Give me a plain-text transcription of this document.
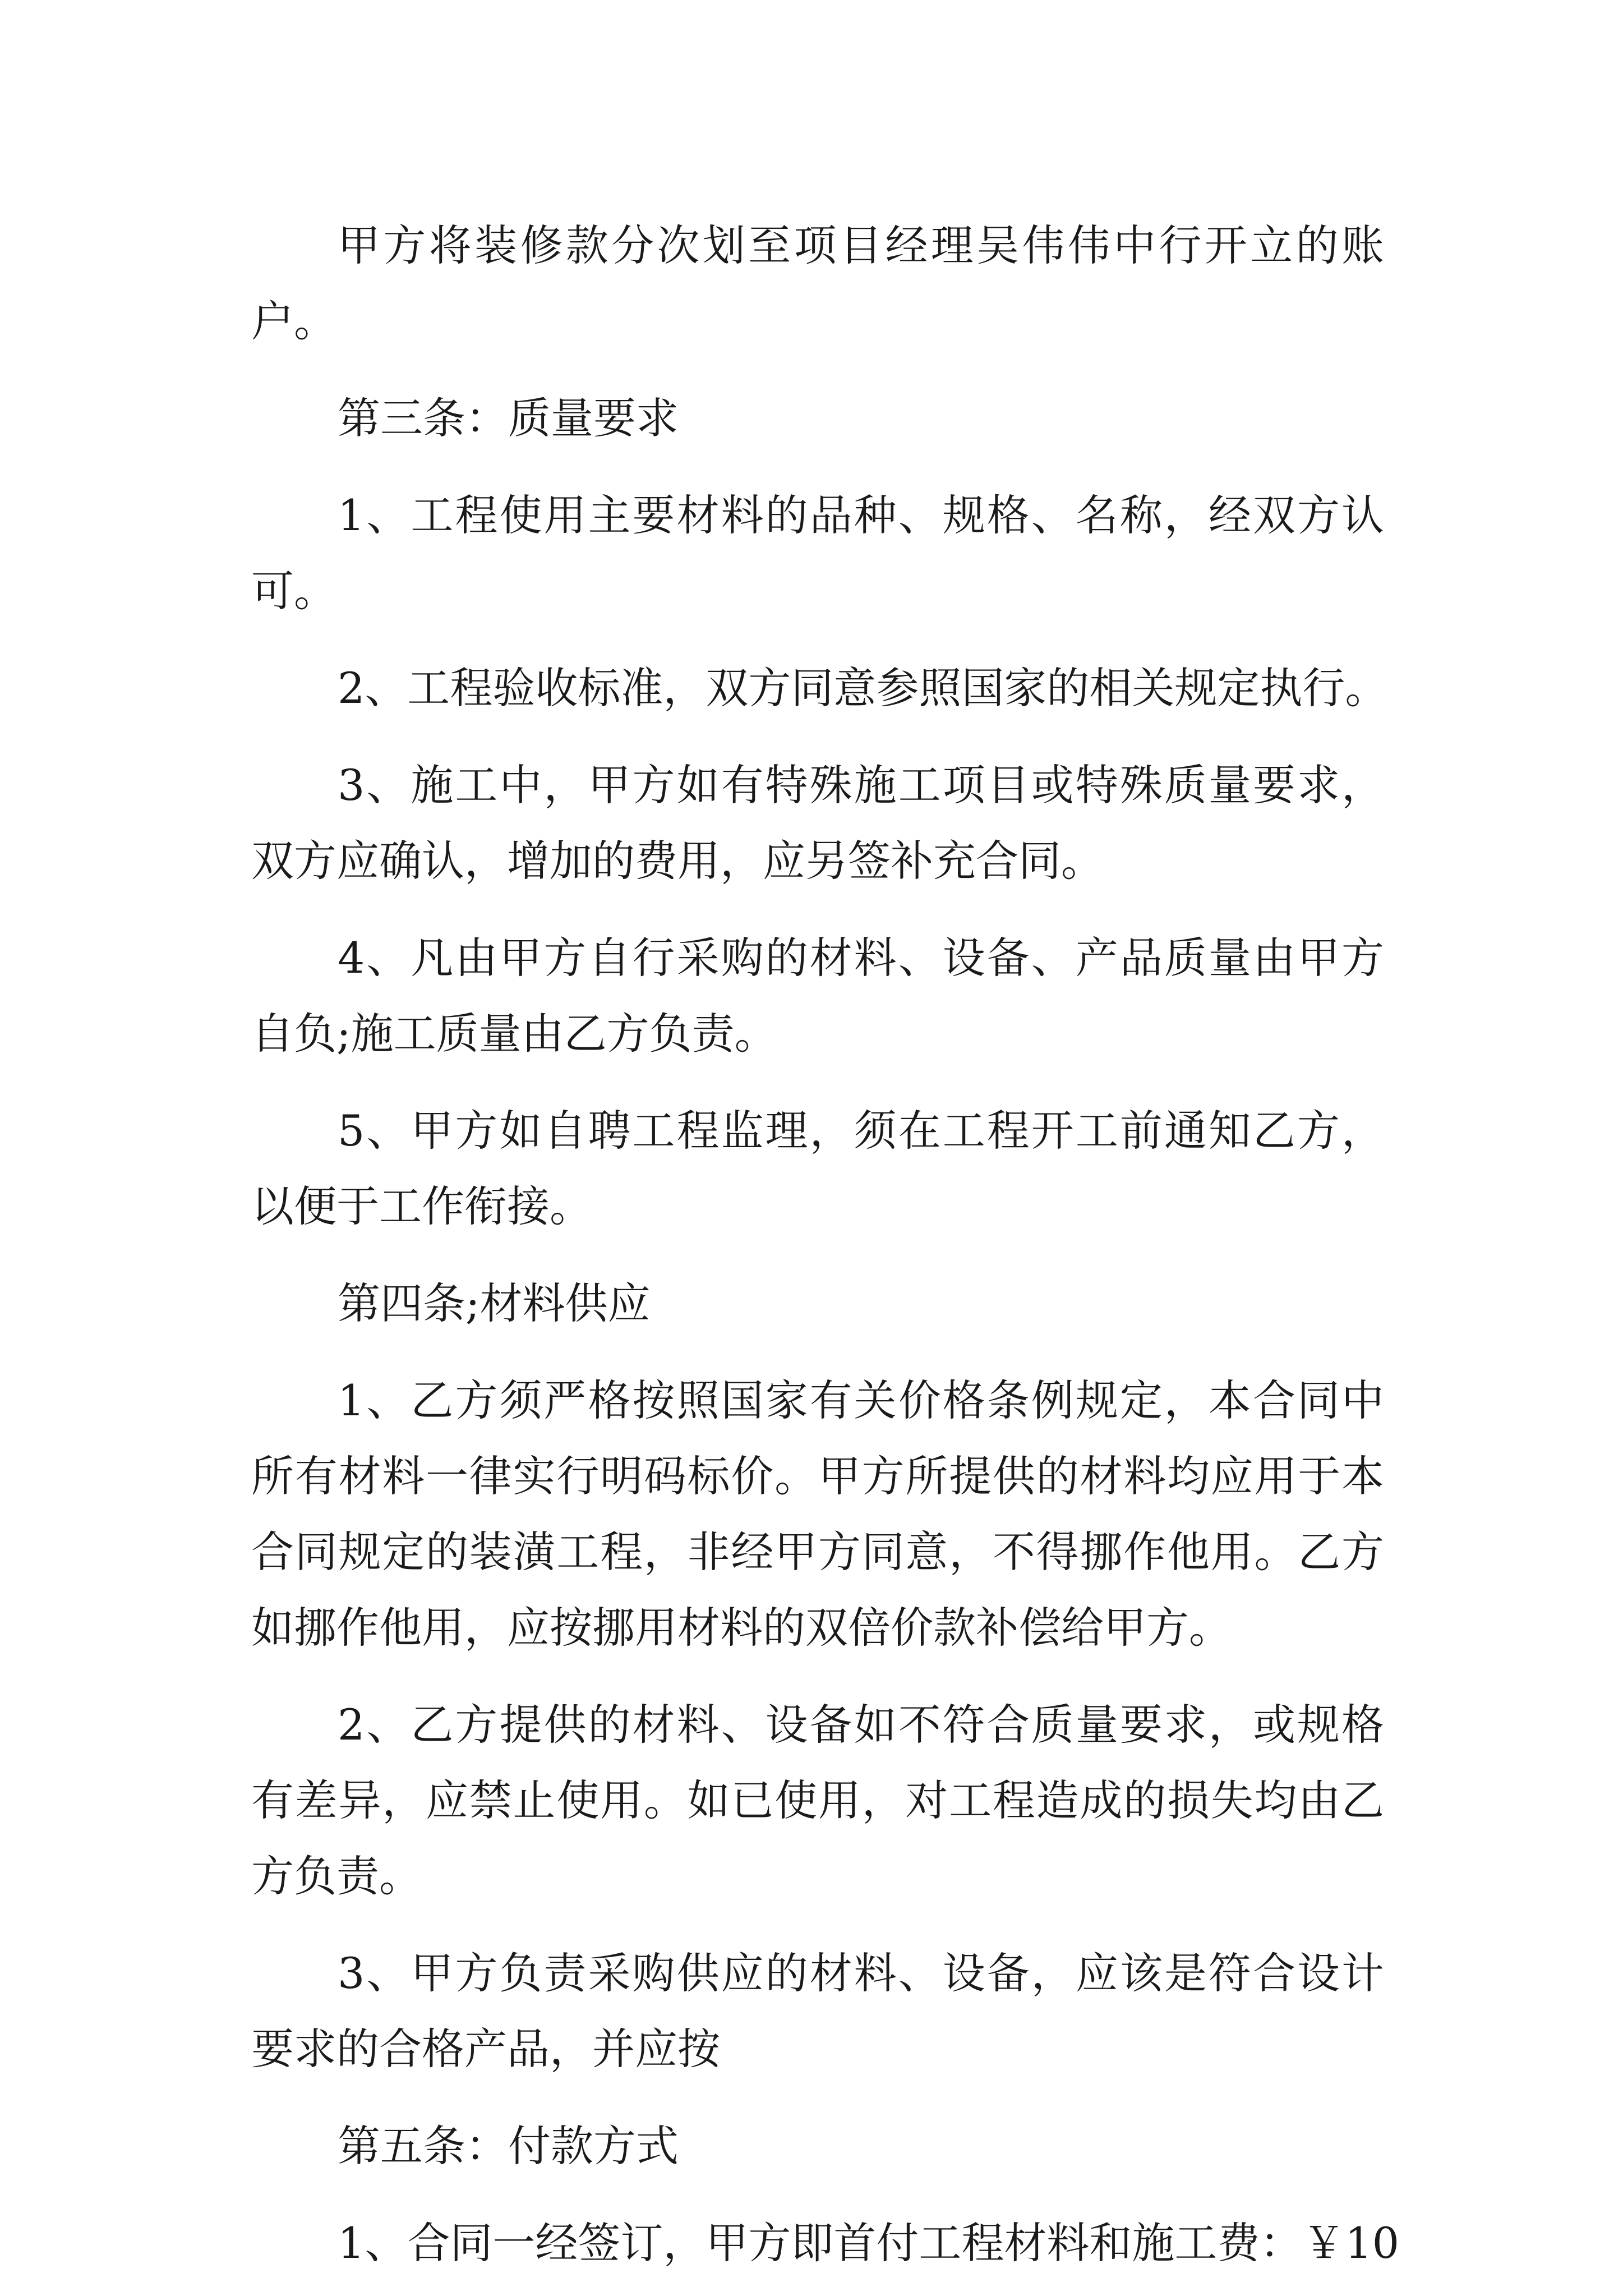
甲方将装修款分次划至项目经理吴伟伟中行开立的账

户。

第三条：质量要求

1、工程使用主要材料的品种、规格、名称，经双方认

可。

2、工程验收标准，双方同意参照国家的相关规定执行。

3、施工中，甲方如有特殊施工项目或特殊质量要求，

双方应确认，增加的费用，应另签补充合同。

4、凡由甲方自行采购的材料、设备、产品质量由甲方

自负;施工质量由乙方负责。

5、甲方如自聘工程监理，须在工程开工前通知乙方，

以便于工作衔接。

第四条;材料供应

1、乙方须严格按照国家有关价格条例规定，本合同中

所有材料一律实行明码标价。甲方所提供的材料均应用于本

合同规定的装潢工程，非经甲方同意，不得挪作他用。乙方

如挪作他用，应按挪用材料的双倍价款补偿给甲方。

2、乙方提供的材料、设备如不符合质量要求，或规格

有差异，应禁止使用。如已使用，对工程造成的损失均由乙

方负责。

3、甲方负责采购供应的材料、设备，应该是符合设计

要求的合格产品，并应按

第五条：付款方式

1、合同一经签订，甲方即首付工程材料和施工费：￥10
